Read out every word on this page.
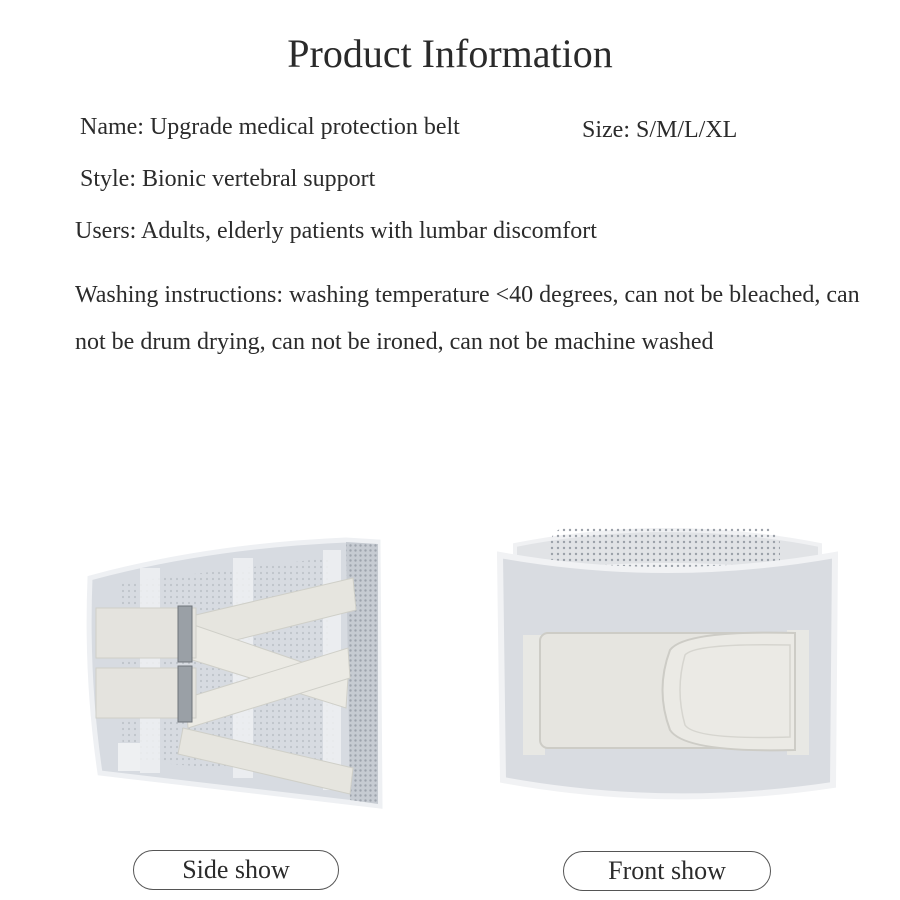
Product Information
Name: Upgrade medical protection belt	Size: S/M/L/XL
Style: Bionic vertebral support
Users: Adults, elderly patients with lumbar discomfort
Washing instructions: washing temperature <40 degrees, can not be bleached, can not be drum drying, can not be ironed, can not be machine washed
Side show	Front show
